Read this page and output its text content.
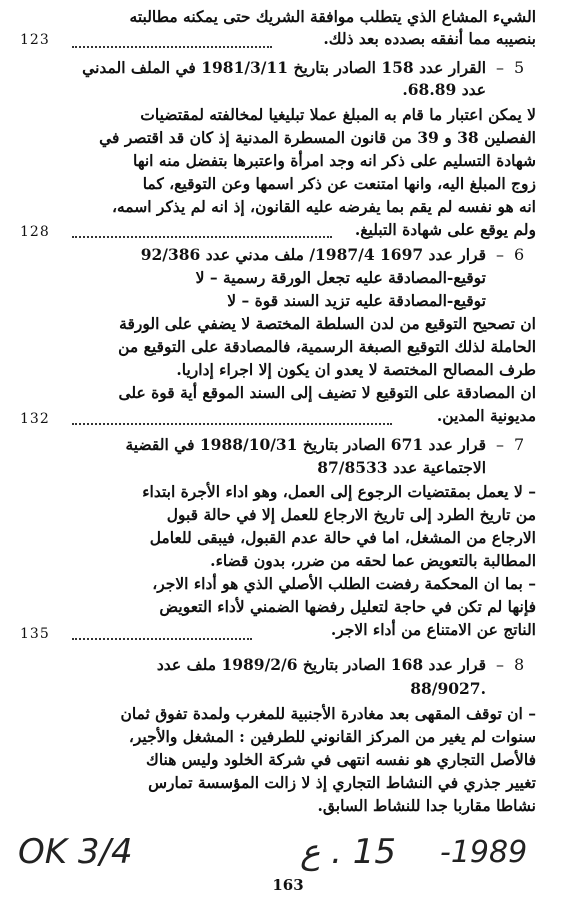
الشيء المشاع الذي يتطلب موافقة الشريك حتى يمكنه مطالبته
بنصيبه مما أنفقه بصدده بعد ذلك.
123
5
–
القرار عدد 158 الصادر بتاريخ 1981/3/11 في الملف المدني
عدد 68.89.
لا يمكن اعتبار ما قام به المبلغ عملا تبليغيا لمخالفته لمقتضيات
الفصلين 38 و 39 من قانون المسطرة المدنية إذ كان قد اقتصر في
شهادة التسليم على ذكر انه وجد امرأة واعتبرها بتفضل منه انها
زوج المبلغ اليه، وانها امتنعت عن ذكر اسمها وعن التوقيع، كما
انه هو نفسه لم يقم بما يفرضه عليه القانون، إذ انه لم يذكر اسمه،
ولم يوقع على شهادة التبليغ.
128
6
–
قرار عدد 1697 1987/4/ ملف مدني عدد 92/386
توقيع-المصادقة عليه تجعل الورقة رسمية – لا
توقيع-المصادقة عليه تزيد السند قوة – لا
ان تصحيح التوقيع من لدن السلطة المختصة لا يضفي على الورقة
الحاملة لذلك التوقيع الصبغة الرسمية، فالمصادقة على التوقيع من
طرف المصالح المختصة لا يعدو ان يكون إلا اجراء إداريا.
ان المصادقة على التوقيع لا تضيف إلى السند الموقع أية قوة على
مديونية المدين.
132
7
–
قرار عدد 671 الصادر بتاريخ 1988/10/31 في القضية
الاجتماعية عدد 87/8533
– لا يعمل بمقتضيات الرجوع إلى العمل، وهو اداء الأجرة ابتداء
من تاريخ الطرد إلى تاريخ الارجاع للعمل إلا في حالة قبول
الارجاع من المشغل، اما في حالة عدم القبول، فيبقى للعامل
المطالبة بالتعويض عما لحقه من ضرر، بدون قضاء.
– بما ان المحكمة رفضت الطلب الأصلي الذي هو أداء الاجر،
فإنها لم تكن في حاجة لتعليل رفضها الضمني لأداء التعويض
الناتج عن الامتناع من أداء الاجر.
135
8
–
قرار عدد 168 الصادر بتاريخ 1989/2/6 ملف عدد
.88/9027
– ان توقف المقهى بعد مغادرة الأجنبية للمغرب ولمدة تفوق ثمان
سنوات لم يغير من المركز القانوني للطرفين : المشغل والأجير،
فالأصل التجاري هو نفسه انتهى في شركة الخلود وليس هناك
تغيير جذري في النشاط التجاري إذ لا زالت المؤسسة تمارس
نشاطا مقاربا جدا للنشاط السابق.
OK 3/4	15 . ع -1989
163
